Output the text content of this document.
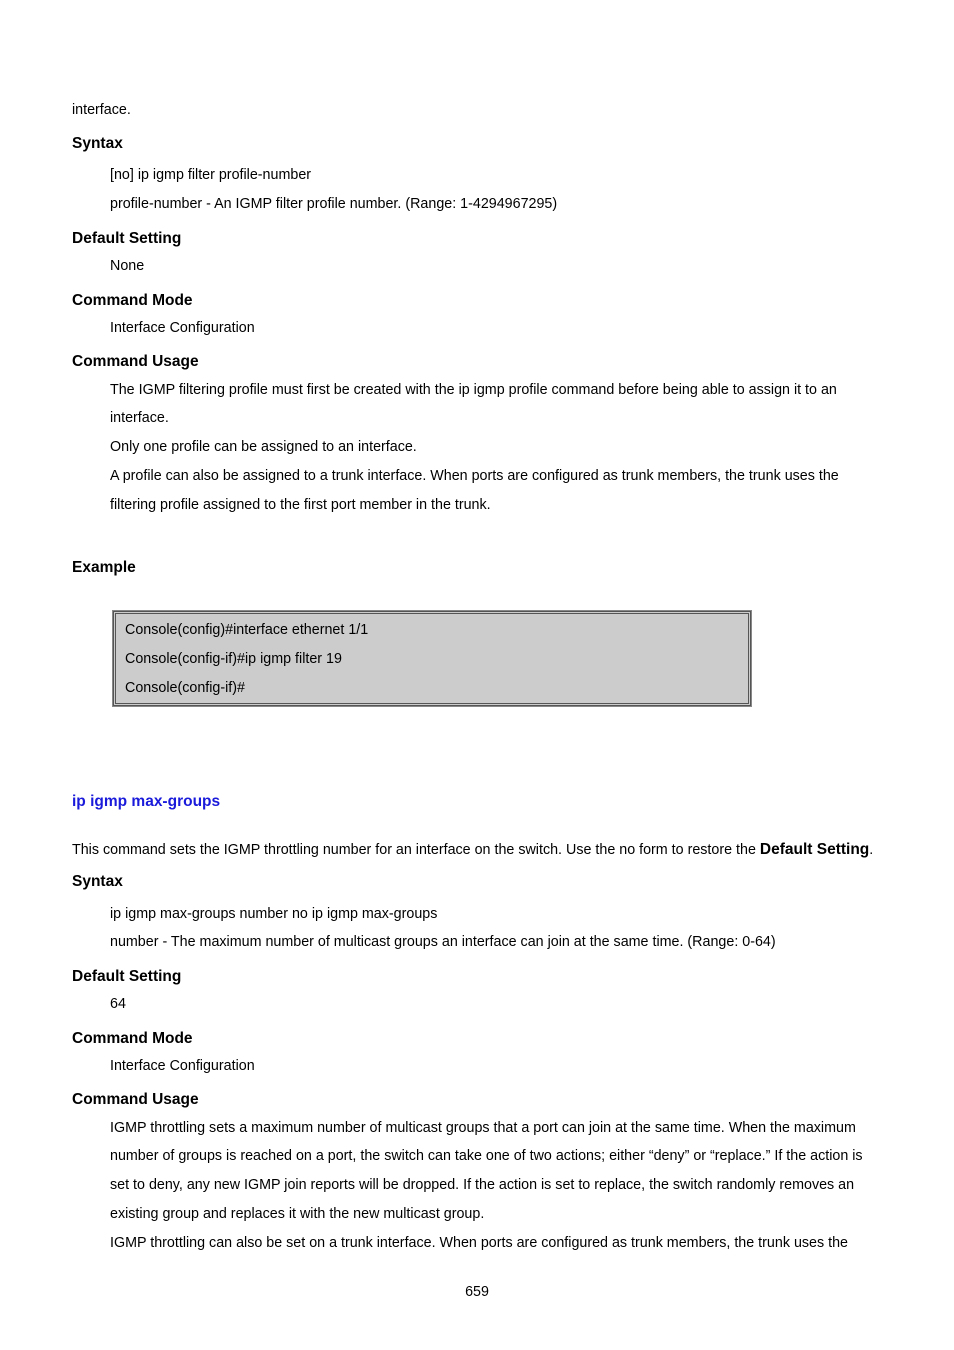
interface.
Syntax
[no] ip igmp filter profile-number
profile-number - An IGMP filter profile number. (Range: 1-4294967295)
Default Setting
None
Command Mode
Interface Configuration
Command Usage
The IGMP filtering profile must first be created with the ip igmp profile command before being able to assign it to an
interface.
Only one profile can be assigned to an interface.
A profile can also be assigned to a trunk interface. When ports are configured as trunk members, the trunk uses the
filtering profile assigned to the first port member in the trunk.
Example
Console(config)#interface ethernet 1/1
Console(config-if)#ip igmp filter 19
Console(config-if)#
ip igmp max-groups
This command sets the IGMP throttling number for an interface on the switch. Use the no form to restore the Default Setting.
Syntax
ip igmp max-groups number no ip igmp max-groups
number - The maximum number of multicast groups an interface can join at the same time. (Range: 0-64)
Default Setting
64
Command Mode
Interface Configuration
Command Usage
IGMP throttling sets a maximum number of multicast groups that a port can join at the same time. When the maximum
number of groups is reached on a port, the switch can take one of two actions; either “deny” or “replace.” If the action is
set to deny, any new IGMP join reports will be dropped. If the action is set to replace, the switch randomly removes an
existing group and replaces it with the new multicast group.
IGMP throttling can also be set on a trunk interface. When ports are configured as trunk members, the trunk uses the
659
